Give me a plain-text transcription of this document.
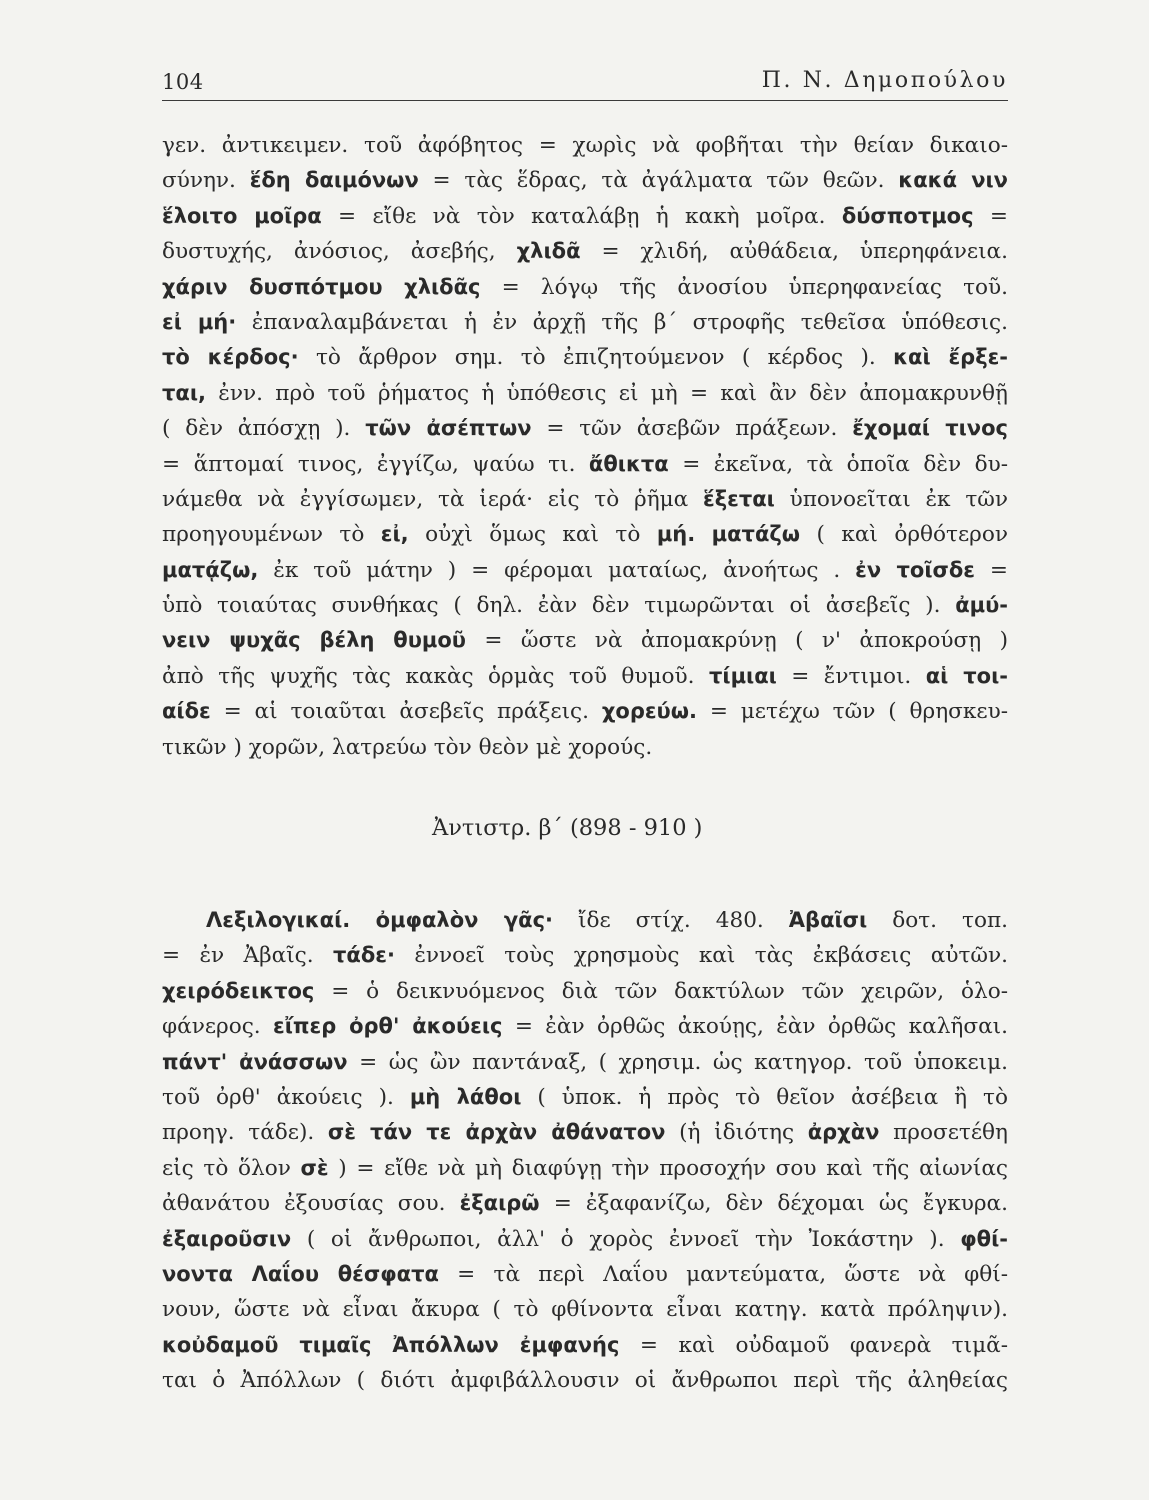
104	Π. Ν. Δημοπούλου
γεν. ἀντικειμεν. τοῦ ἀφόβητος = χωρὶς νὰ φοβῆται τὴν θείαν δικαιο-
σύνην. ἕδη δαιμόνων = τὰς ἕδρας, τὰ ἀγάλματα τῶν θεῶν. κακά νιν
ἕλοιτο μοῖρα = εἴθε νὰ τὸν καταλάβῃ ἡ κακὴ μοῖρα. δύσποτμος =
δυστυχής, ἀνόσιος, ἀσεβής, χλιδᾶ = χλιδή, αὐθάδεια, ὑπερηφάνεια.
χάριν δυσπότμου χλιδᾶς = λόγῳ τῆς ἀνοσίου ὑπερηφανείας τοῦ.
εἰ μή· ἐπαναλαμβάνεται ἡ ἐν ἀρχῇ τῆς β΄ στροφῆς τεθεῖσα ὑπόθεσις.
τὸ κέρδος· τὸ ἄρθρον σημ. τὸ ἐπιζητούμενον ( κέρδος ). καὶ ἔρξε-
ται, ἐνν. πρὸ τοῦ ῥήματος ἡ ὑπόθεσις εἰ μὴ = καὶ ἂν δὲν ἀπομακρυνθῇ
( δὲν ἀπόσχῃ ). τῶν ἀσέπτων = τῶν ἀσεβῶν πράξεων. ἔχομαί τινος
= ἅπτομαί τινος, ἐγγίζω, ψαύω τι. ἄθικτα = ἐκεῖνα, τὰ ὁποῖα δὲν δυ-
νάμεθα νὰ ἐγγίσωμεν, τὰ ἱερά· εἰς τὸ ῥῆμα ἕξεται ὑπονοεῖται ἐκ τῶν
προηγουμένων τὸ εἰ, οὐχὶ ὅμως καὶ τὸ μή. ματάζω ( καὶ ὀρθότερον
ματᾴζω, ἐκ τοῦ μάτην ) = φέρομαι ματαίως, ἀνοήτως . ἐν τοῖσδε =
ὑπὸ τοιαύτας συνθήκας ( δηλ. ἐὰν δὲν τιμωρῶνται οἱ ἀσεβεῖς ). ἀμύ-
νειν ψυχᾶς βέλη θυμοῦ = ὥστε νὰ ἀπομακρύνῃ ( ν' ἀποκρούσῃ )
ἀπὸ τῆς ψυχῆς τὰς κακὰς ὁρμὰς τοῦ θυμοῦ. τίμιαι = ἔντιμοι. αἱ τοι-
αίδε = αἱ τοιαῦται ἀσεβεῖς πράξεις. χορεύω. = μετέχω τῶν ( θρησκευ-
τικῶν ) χορῶν, λατρεύω τὸν θεὸν μὲ χορούς.
Ἀντιστρ. β΄ (898 - 910 )
Λεξιλογικαί. ὀμφαλὸν γᾶς· ἴδε στίχ. 480. Ἀβαῖσι δοτ. τοπ.
= ἐν Ἀβαῖς. τάδε· ἐννοεῖ τοὺς χρησμοὺς καὶ τὰς ἐκβάσεις αὐτῶν.
χειρόδεικτος = ὁ δεικνυόμενος διὰ τῶν δακτύλων τῶν χειρῶν, ὁλο-
φάνερος. εἴπερ ὀρθ' ἀκούεις = ἐὰν ὀρθῶς ἀκούῃς, ἐὰν ὀρθῶς καλῆσαι.
πάντ' ἀνάσσων = ὡς ὢν παντάναξ, ( χρησιμ. ὡς κατηγορ. τοῦ ὑποκειμ.
τοῦ ὀρθ' ἀκούεις ). μὴ λάθοι ( ὑποκ. ἡ πρὸς τὸ θεῖον ἀσέβεια ἢ τὸ
προηγ. τάδε). σὲ τάν τε ἀρχὰν ἀθάνατον (ἡ ἰδιότης ἀρχὰν προσετέθη
εἰς τὸ ὅλον σὲ ) = εἴθε νὰ μὴ διαφύγῃ τὴν προσοχήν σου καὶ τῆς αἰωνίας
ἀθανάτου ἐξουσίας σου. ἐξαιρῶ = ἐξαφανίζω, δὲν δέχομαι ὡς ἔγκυρα.
ἐξαιροῦσιν ( οἱ ἄνθρωποι, ἀλλ' ὁ χορὸς ἐννοεῖ τὴν Ἰοκάστην ). φθί-
νοντα Λαΐου θέσφατα = τὰ περὶ Λαΐου μαντεύματα, ὥστε νὰ φθί-
νουν, ὥστε νὰ εἶναι ἄκυρα ( τὸ φθίνοντα εἶναι κατηγ. κατὰ πρόληψιν).
κοὐδαμοῦ τιμαῖς Ἀπόλλων ἐμφανής = καὶ οὐδαμοῦ φανερὰ τιμᾶ-
ται ὁ Ἀπόλλων ( διότι ἀμφιβάλλουσιν οἱ ἄνθρωποι περὶ τῆς ἀληθείας
